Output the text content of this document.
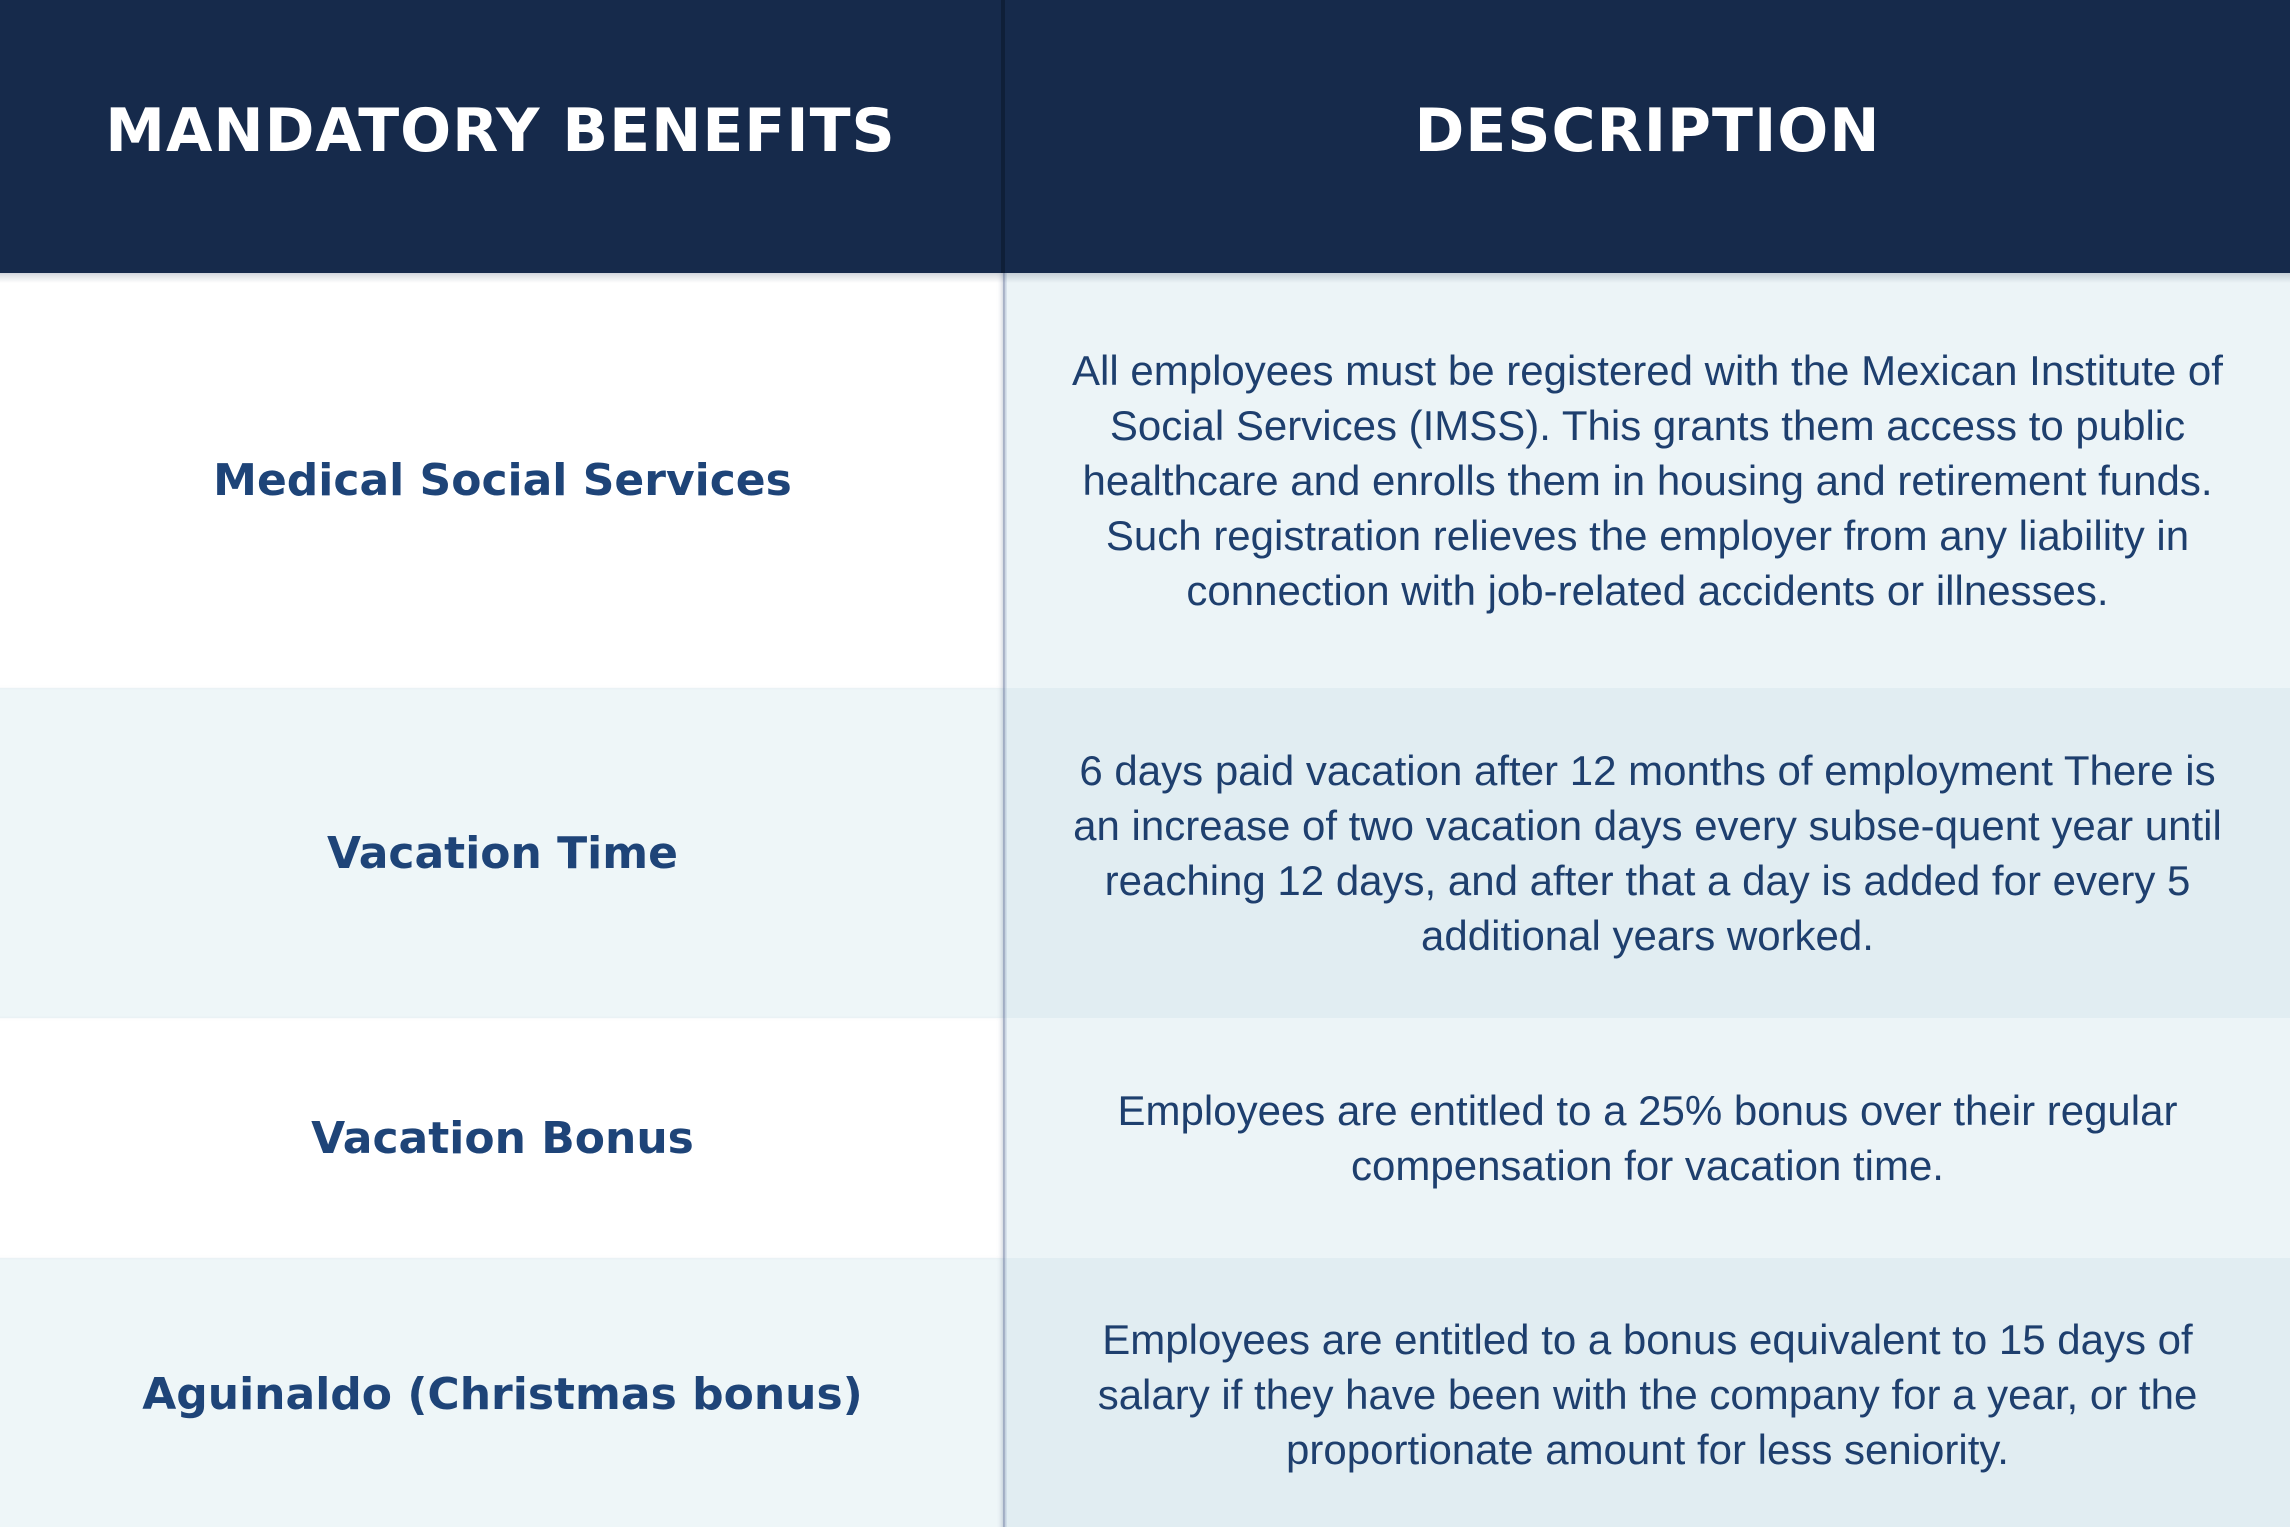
MANDATORY BENEFITS	DESCRIPTION
Medical Social Services
All employees must be registered with the Mexican Institute of Social Services (IMSS). This grants them access to public healthcare and enrolls them in housing and retirement funds. Such registration relieves the employer from any liability in connection with job-related accidents or illnesses.
Vacation Time
6 days paid vacation after 12 months of employment There is an increase of two vacation days every subse-quent year until reaching 12 days, and after that a day is added for every 5 additional years worked.
Vacation Bonus
Employees are entitled to a 25% bonus over their regular compensation for vacation time.
Aguinaldo (Christmas bonus)
Employees are entitled to a bonus equivalent to 15 days of salary if they have been with the company for a year, or the proportionate amount for less seniority.
